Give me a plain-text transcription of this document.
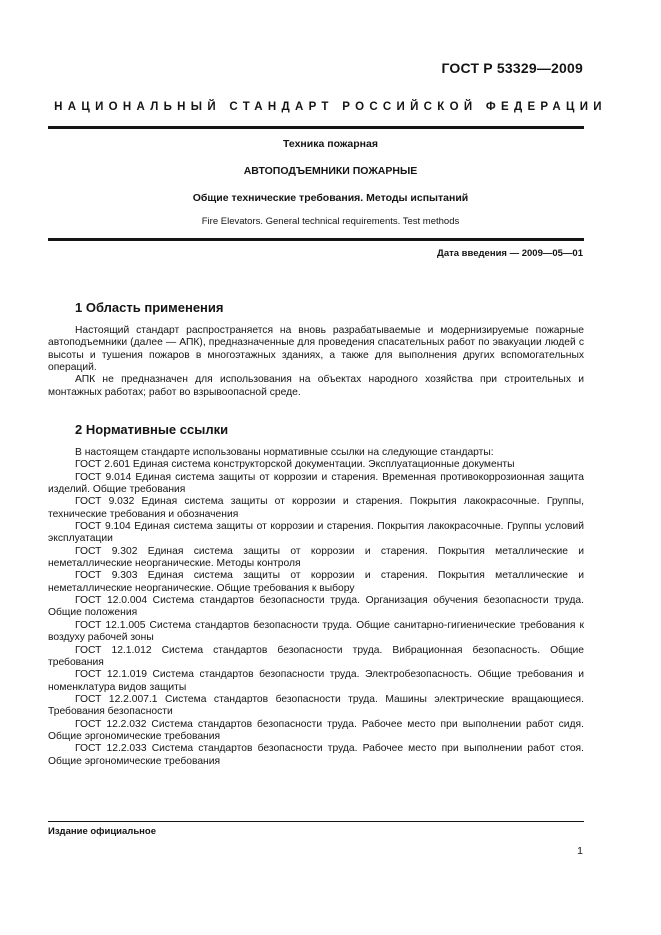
ГОСТ Р 53329—2009
НАЦИОНАЛЬНЫЙ СТАНДАРТ РОССИЙСКОЙ ФЕДЕРАЦИИ
Техника пожарная
АВТОПОДЪЕМНИКИ ПОЖАРНЫЕ
Общие технические требования. Методы испытаний
Fire Elevators. General technical requirements. Test methods
Дата введения — 2009—05—01
1 Область применения

Настоящий стандарт распространяется на вновь разрабатываемые и модернизируемые пожарные автоподъемники (далее — АПК), предназначенные для проведения спасательных работ по эвакуации людей с высоты и тушения пожаров в многоэтажных зданиях, а также для выполнения других вспомогательных операций.

АПК не предназначен для использования на объектах народного хозяйства при строительных и монтажных работах; работ во взрывоопасной среде.

2 Нормативные ссылки

В настоящем стандарте использованы нормативные ссылки на следующие стандарты:

ГОСТ 2.601 Единая система конструкторской документации. Эксплуатационные документы

ГОСТ 9.014 Единая система защиты от коррозии и старения. Временная противокоррозионная защита изделий. Общие требования

ГОСТ 9.032 Единая система защиты от коррозии и старения. Покрытия лакокрасочные. Группы, технические требования и обозначения

ГОСТ 9.104 Единая система защиты от коррозии и старения. Покрытия лакокрасочные. Группы условий эксплуатации

ГОСТ 9.302 Единая система защиты от коррозии и старения. Покрытия металлические и неметаллические неорганические. Методы контроля

ГОСТ 9.303 Единая система защиты от коррозии и старения. Покрытия металлические и неметаллические неорганические. Общие требования к выбору

ГОСТ 12.0.004 Система стандартов безопасности труда. Организация обучения безопасности труда. Общие положения

ГОСТ 12.1.005 Система стандартов безопасности труда. Общие санитарно-гигиенические требования к воздуху рабочей зоны

ГОСТ 12.1.012 Система стандартов безопасности труда. Вибрационная безопасность. Общие требования

ГОСТ 12.1.019 Система стандартов безопасности труда. Электробезопасность. Общие требования и номенклатура видов защиты

ГОСТ 12.2.007.1 Система стандартов безопасности труда. Машины электрические вращающиеся. Требования безопасности

ГОСТ 12.2.032 Система стандартов безопасности труда. Рабочее место при выполнении работ сидя. Общие эргономические требования

ГОСТ 12.2.033 Система стандартов безопасности труда. Рабочее место при выполнении работ стоя. Общие эргономические требования

Издание официальное
1
